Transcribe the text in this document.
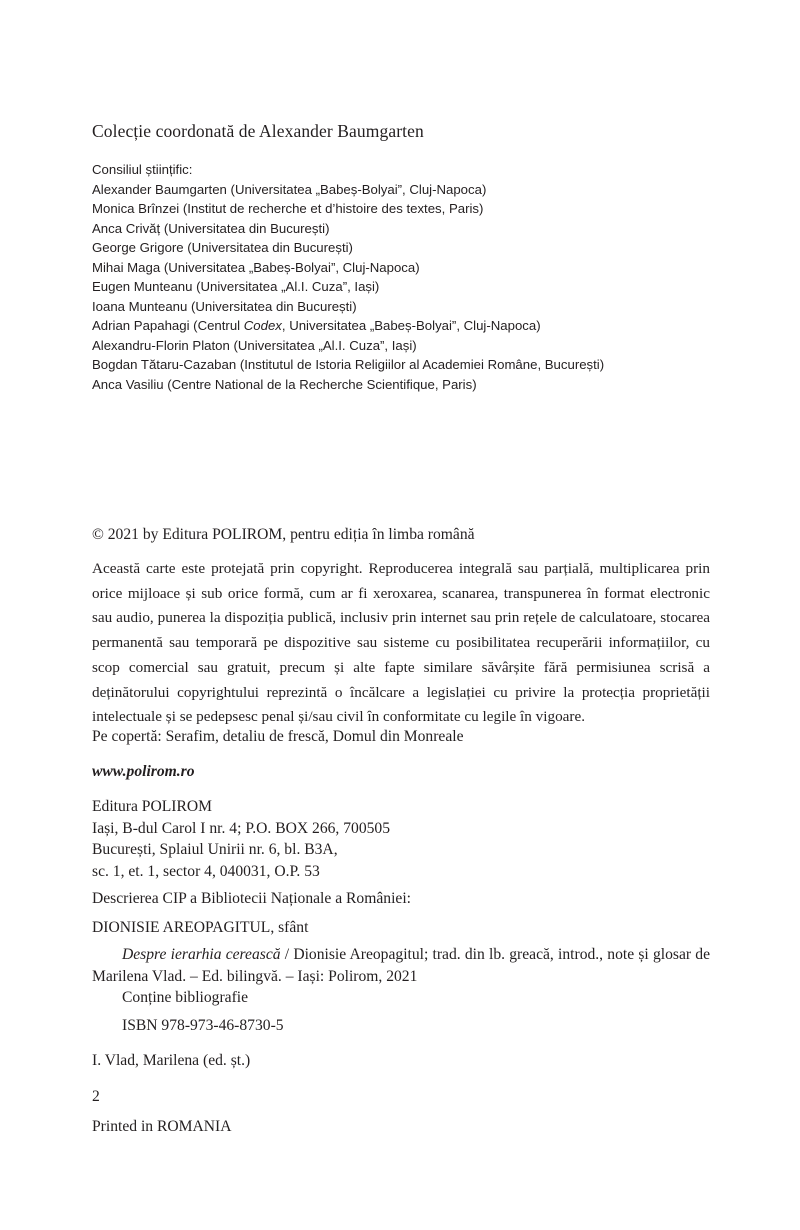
Colecție coordonată de Alexander Baumgarten
Consiliul științific:
Alexander Baumgarten (Universitatea „Babeș-Bolyai”, Cluj-Napoca)
Monica Brînzei (Institut de recherche et d’histoire des textes, Paris)
Anca Crivăț (Universitatea din București)
George Grigore (Universitatea din București)
Mihai Maga (Universitatea „Babeș-Bolyai”, Cluj-Napoca)
Eugen Munteanu (Universitatea „Al.I. Cuza”, Iași)
Ioana Munteanu (Universitatea din București)
Adrian Papahagi (Centrul Codex, Universitatea „Babeș-Bolyai”, Cluj-Napoca)
Alexandru-Florin Platon (Universitatea „Al.I. Cuza”, Iași)
Bogdan Tătaru-Cazaban (Institutul de Istoria Religiilor al Academiei Române, București)
Anca Vasiliu (Centre National de la Recherche Scientifique, Paris)
© 2021 by Editura POLIROM, pentru ediția în limba română
Această carte este protejată prin copyright. Reproducerea integrală sau parțială, multiplicarea prin orice mijloace și sub orice formă, cum ar fi xeroxarea, scanarea, transpunerea în format electronic sau audio, punerea la dispoziția publică, inclusiv prin internet sau prin rețele de calculatoare, stocarea permanentă sau temporară pe dispozitive sau sisteme cu posibilitatea recuperării informațiilor, cu scop comercial sau gratuit, precum și alte fapte similare săvârșite fără permisiunea scrisă a deținătorului copyrightului reprezintă o încălcare a legislației cu privire la protecția proprietății intelectuale și se pedepsesc penal și/sau civil în conformitate cu legile în vigoare.
Pe copertă: Serafim, detaliu de frescă, Domul din Monreale
www.polirom.ro
Editura POLIROM
Iași, B-dul Carol I nr. 4; P.O. BOX 266, 700505
București, Splaiul Unirii nr. 6, bl. B3A,
sc. 1, et. 1, sector 4, 040031, O.P. 53
Descrierea CIP a Bibliotecii Naționale a României:
DIONISIE AREOPAGITUL, sfânt
Despre ierarhia cerească / Dionisie Areopagitul; trad. din lb. greacă, introd., note și glosar de Marilena Vlad. – Ed. bilingvă. – Iași: Polirom, 2021
Conține bibliografie
ISBN 978-973-46-8730-5
I. Vlad, Marilena (ed. șt.)
2
Printed in ROMANIA
